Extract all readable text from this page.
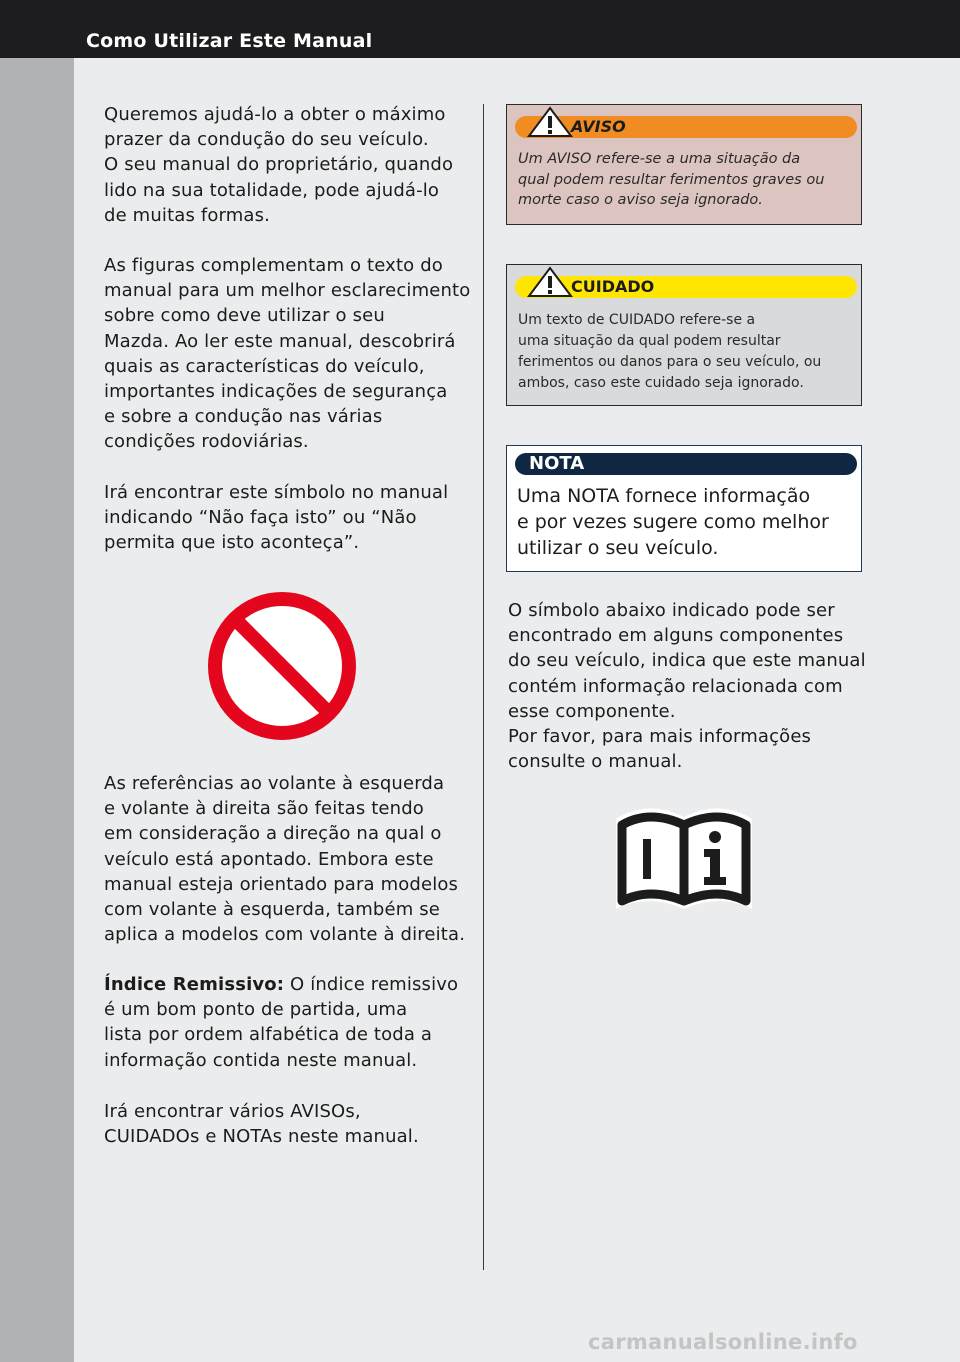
Como Utilizar Este Manual

Queremos ajudá-lo a obter o máximo
prazer da condução do seu veículo.
O seu manual do proprietário, quando
lido na sua totalidade, pode ajudá-lo
de muitas formas.

As figuras complementam o texto do
manual para um melhor esclarecimento
sobre como deve utilizar o seu
Mazda. Ao ler este manual, descobrirá
quais as características do veículo,
importantes indicações de segurança
e sobre a condução nas várias
condições rodoviárias.

Irá encontrar este símbolo no manual
indicando “Não faça isto” ou “Não
permita que isto aconteça”.

As referências ao volante à esquerda
e volante à direita são feitas tendo
em consideração a direção na qual o
veículo está apontado. Embora este
manual esteja orientado para modelos
com volante à esquerda, também se
aplica a modelos com volante à direita.

Índice Remissivo: O índice remissivo
é um bom ponto de partida, uma
lista por ordem alfabética de toda a
informação contida neste manual.

Irá encontrar vários AVISOs,
CUIDADOs e NOTAs neste manual.

AVISO

Um AVISO refere-se a uma situação da
qual podem resultar ferimentos graves ou
morte caso o aviso seja ignorado.

CUIDADO

Um texto de CUIDADO refere-se a
uma situação da qual podem resultar
ferimentos ou danos para o seu veículo, ou
ambos, caso este cuidado seja ignorado.

NOTA

Uma NOTA fornece informação
e por vezes sugere como melhor
utilizar o seu veículo.

O símbolo abaixo indicado pode ser
encontrado em alguns componentes
do seu veículo, indica que este manual
contém informação relacionada com
esse componente.
Por favor, para mais informações
consulte o manual.

carmanualsonline.info
